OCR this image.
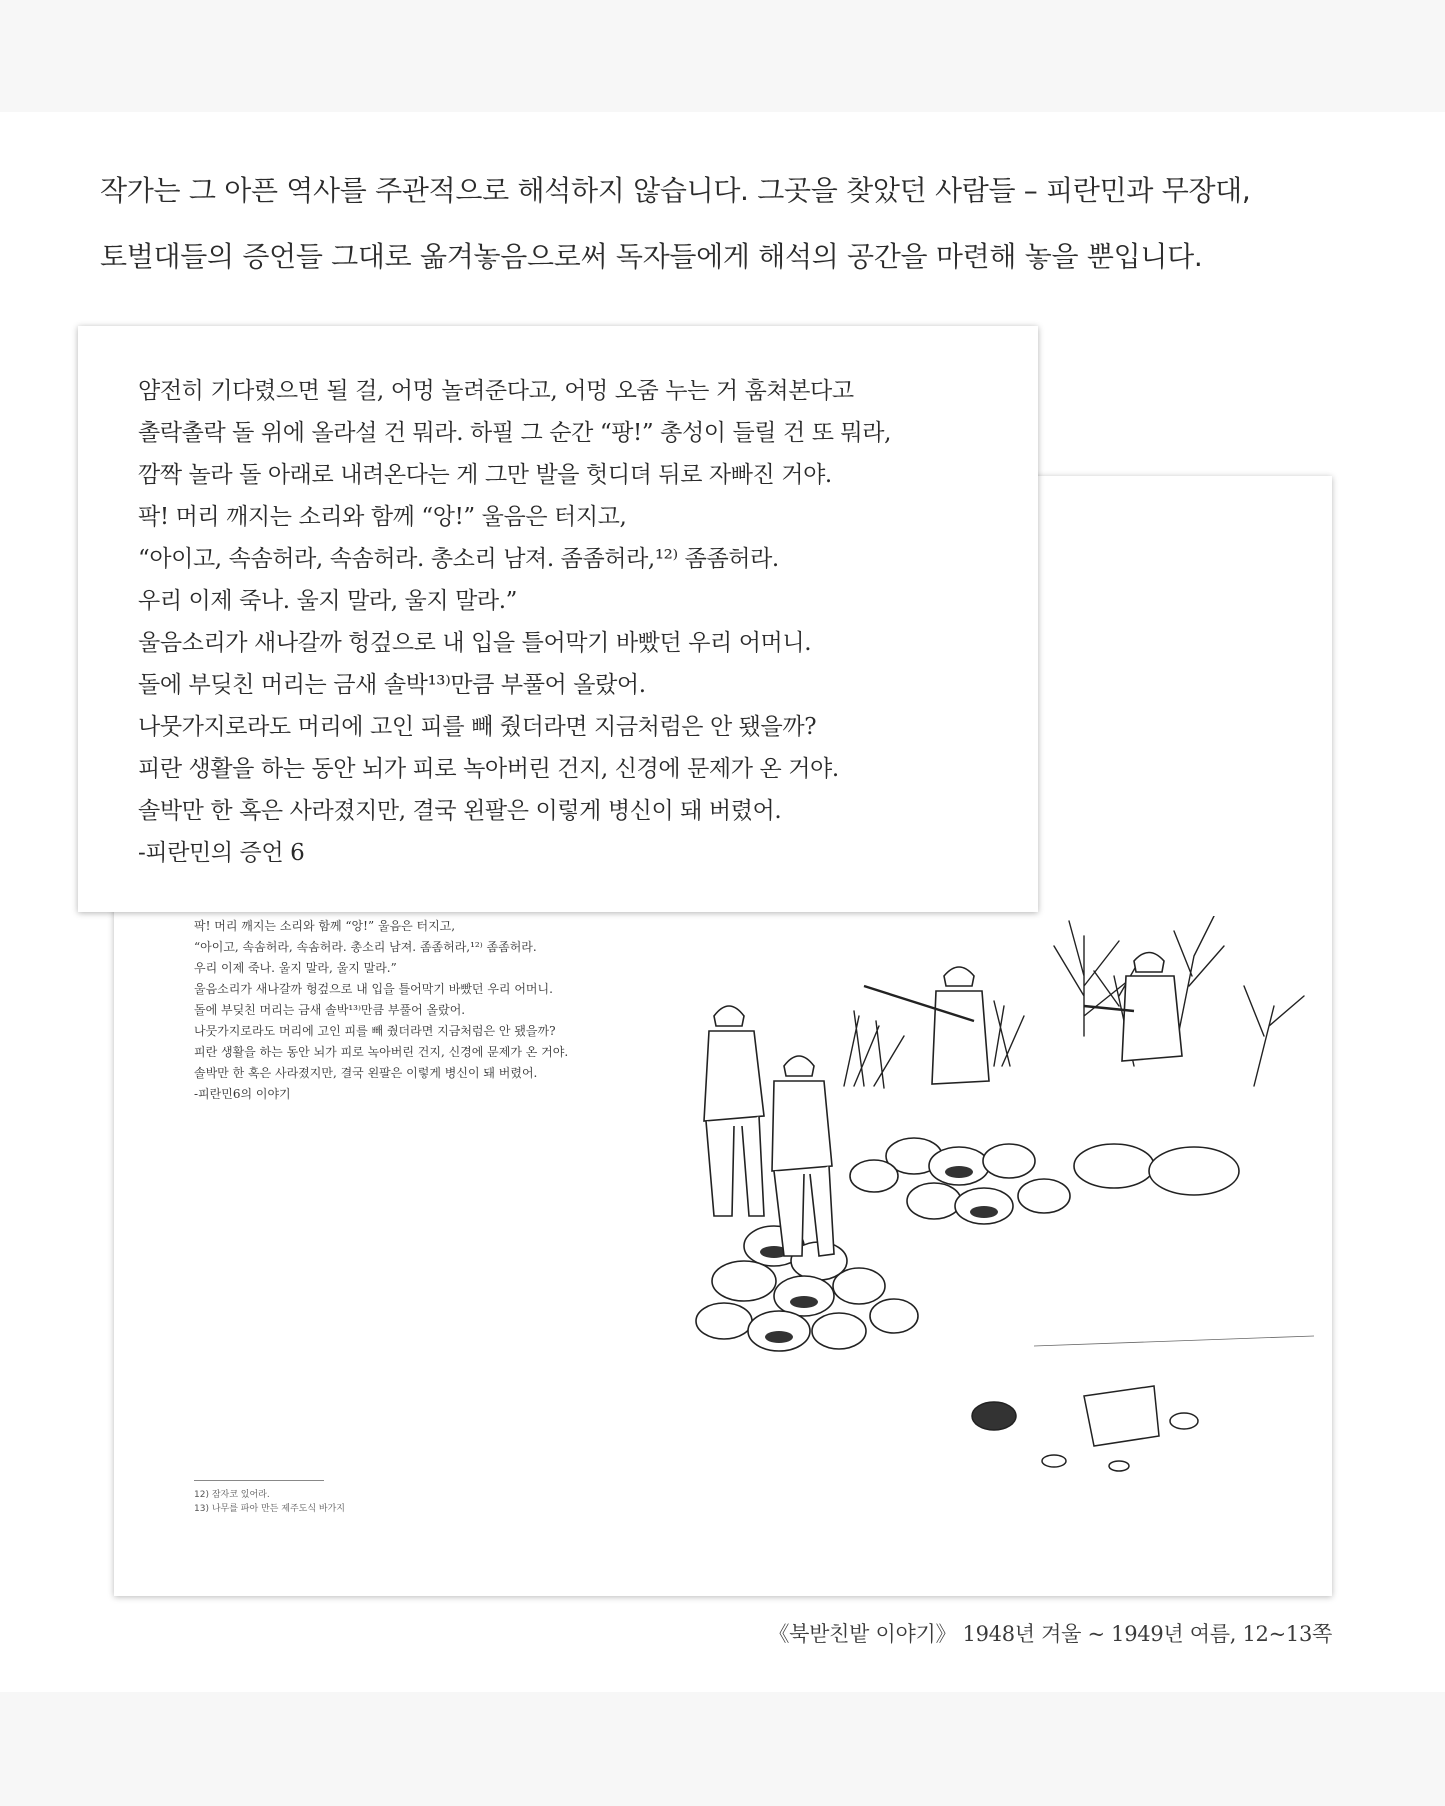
작가는 그 아픈 역사를 주관적으로 해석하지 않습니다. 그곳을 찾았던 사람들 – 피란민과 무장대,

토벌대들의 증언들 그대로 옮겨놓음으로써 독자들에게 해석의 공간을 마련해 놓을 뿐입니다.

팍! 머리 깨지는 소리와 함께 “앙!” 울음은 터지고,
“아이고, 속솜허라, 속솜허라. 총소리 남져. 좀좀허라,¹²⁾ 좀좀허라.
우리 이제 죽나. 울지 말라, 울지 말라.”
울음소리가 새나갈까 헝겊으로 내 입을 틀어막기 바빴던 우리 어머니.
돌에 부딪친 머리는 금새 솔박¹³⁾만큼 부풀어 올랐어.
나뭇가지로라도 머리에 고인 피를 빼 줬더라면 지금처럼은 안 됐을까?
피란 생활을 하는 동안 뇌가 피로 녹아버린 건지, 신경에 문제가 온 거야.
솔박만 한 혹은 사라졌지만, 결국 왼팔은 이렇게 병신이 돼 버렸어.
-피란민6의 이야기
12) 잠자코 있어라.
13) 나무를 파아 만든 제주도식 바가지
얌전히 기다렸으면 될 걸, 어멍 놀려준다고, 어멍 오줌 누는 거 훔쳐본다고
촐락촐락 돌 위에 올라설 건 뭐라. 하필 그 순간 “팡!” 총성이 들릴 건 또 뭐라,
깜짝 놀라 돌 아래로 내려온다는 게 그만 발을 헛디뎌 뒤로 자빠진 거야.
팍! 머리 깨지는 소리와 함께 “앙!” 울음은 터지고,
“아이고, 속솜허라, 속솜허라. 총소리 남져. 좀좀허라,¹²⁾ 좀좀허라.
우리 이제 죽나. 울지 말라, 울지 말라.”
울음소리가 새나갈까 헝겊으로 내 입을 틀어막기 바빴던 우리 어머니.
돌에 부딪친 머리는 금새 솔박¹³⁾만큼 부풀어 올랐어.
나뭇가지로라도 머리에 고인 피를 빼 줬더라면 지금처럼은 안 됐을까?
피란 생활을 하는 동안 뇌가 피로 녹아버린 건지, 신경에 문제가 온 거야.
솔박만 한 혹은 사라졌지만, 결국 왼팔은 이렇게 병신이 돼 버렸어.
-피란민의 증언 6
《북받친밭 이야기》 1948년 겨울 ~ 1949년 여름, 12~13쪽
